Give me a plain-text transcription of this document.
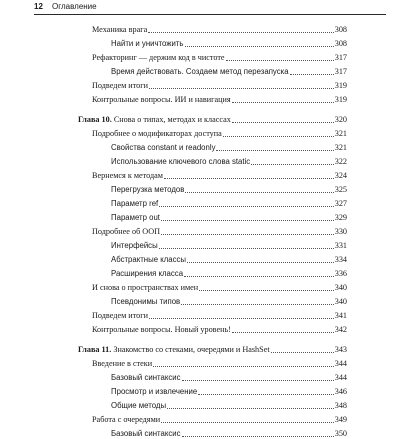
12 Оглавление
Механика врага	308
Найти и уничтожить	308
Рефакторинг — держим код в чистоте	317
Время действовать. Создаем метод перезапуска	317
Подведем итоги	319
Контрольные вопросы. ИИ и навигация	319
Глава 10. Снова о типах, методах и классах	320
Подробнее о модификаторах доступа	321
Свойства constant и readonly	321
Использование ключевого слова static	322
Вернемся к методам	324
Перегрузка методов	325
Параметр ref	327
Параметр out	329
Подробнее об ООП	330
Интерфейсы	331
Абстрактные классы	334
Расширения класса	336
И снова о пространствах имен	340
Псевдонимы типов	340
Подведем итоги	341
Контрольные вопросы. Новый уровень!	342
Глава 11. Знакомство со стеками, очередями и HashSet	343
Введение в стеки	344
Базовый синтаксис	344
Просмотр и извлечение	346
Общие методы	348
Работа с очередями	349
Базовый синтаксис	350
